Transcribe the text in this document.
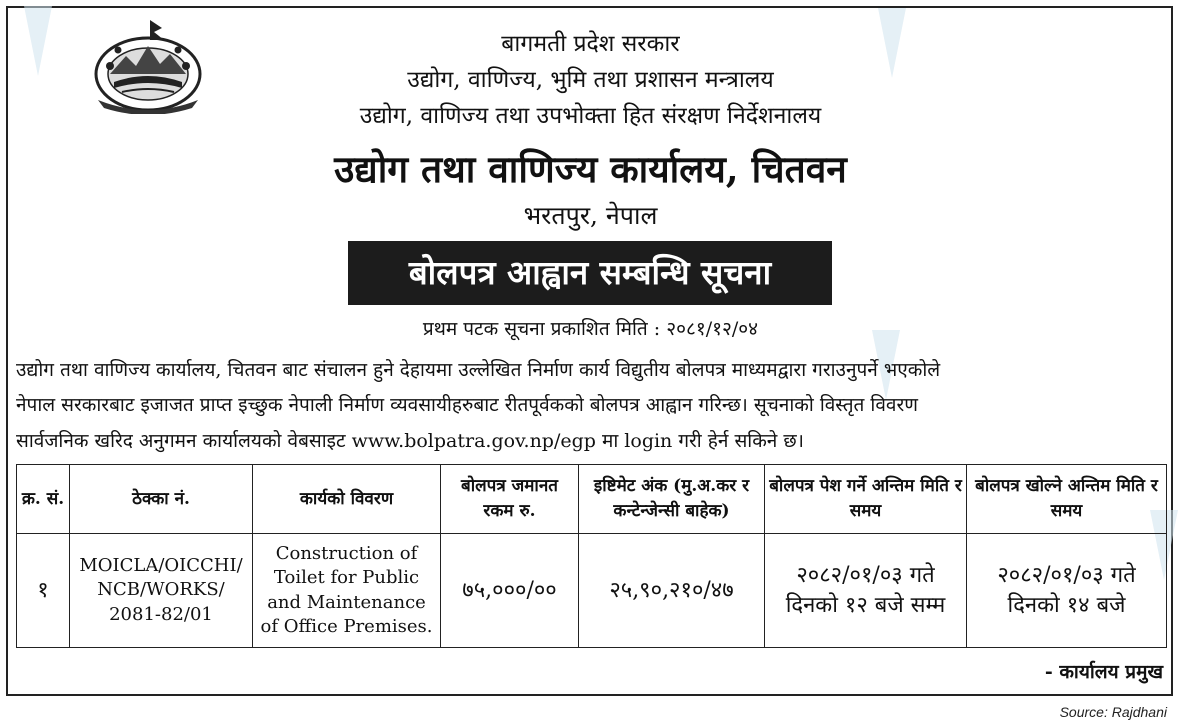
बागमती प्रदेश सरकार
उद्योग, वाणिज्य, भुमि तथा प्रशासन मन्त्रालय
उद्योग, वाणिज्य तथा उपभोक्ता हित संरक्षण निर्देशनालय
उद्योग तथा वाणिज्य कार्यालय, चितवन
भरतपुर, नेपाल
बोलपत्र आह्वान सम्बन्धि सूचना
प्रथम पटक सूचना प्रकाशित मिति : २०८१/१२/०४
उद्योग तथा वाणिज्य कार्यालय, चितवन बाट संचालन हुने देहायमा उल्लेखित निर्माण कार्य विद्युतीय बोलपत्र माध्यमद्वारा गराउनुपर्ने भएकोले
नेपाल सरकारबाट इजाजत प्राप्त इच्छुक नेपाली निर्माण व्यवसायीहरुबाट रीतपूर्वकको बोलपत्र आह्वान गरिन्छ। सूचनाको विस्तृत विवरण
सार्वजनिक खरिद अनुगमन कार्यालयको वेबसाइट www.bolpatra.gov.np/egp मा login गरी हेर्न सकिने छ।
क्र. सं.	ठेक्का नं.	कार्यको विवरण	बोलपत्र जमानत रकम रु.	इष्टिमेट अंक (मु.अ.कर र कन्टेन्जेन्सी बाहेक)	बोलपत्र पेश गर्ने अन्तिम मिति र समय	बोलपत्र खोल्ने अन्तिम मिति र समय
१	MOICLA/OICCHI/ NCB/WORKS/ 2081-82/01	Construction of Toilet for Public and Maintenance of Office Premises.	७५,०००/००	२५,९०,२१०/४७	२०८२/०१/०३ गते दिनको १२ बजे सम्म	२०८२/०१/०३ गते दिनको १४ बजे
- कार्यालय प्रमुख
Source: Rajdhani
